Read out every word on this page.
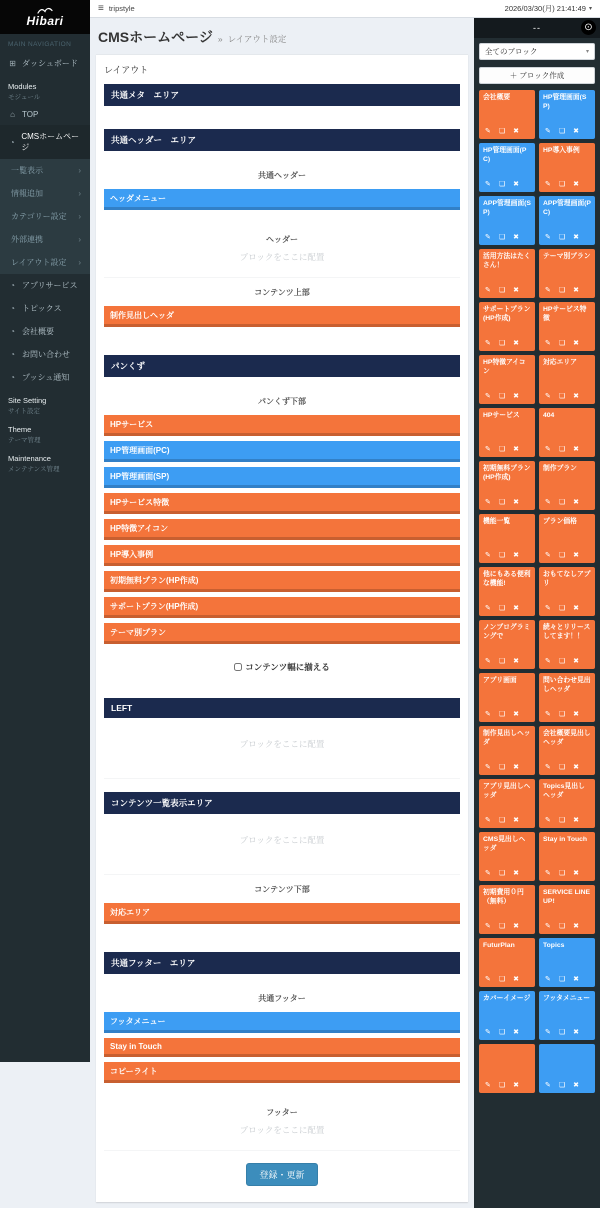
Hibari
MAIN NAVIGATION
⊞ ダッシュボード
Modules
モジュール
⌂ TOP
◔
CMSホームページ
一覧表示	›
情報追加	›
カテゴリー設定 ›
外部連携	›
レイアウト設定 ›
◔ アプリサービス
◔ トピックス
◔ 会社概要
◔ お問い合わせ
◔ プッシュ通知
Site Setting
サイト設定
Theme
テーマ管理
Maintenance
メンテナンス管理
≡ tripstyle	2026/03/30(月) 21:41:49 ▾
CMSホームページ » レイアウト設定
レイアウト
共通メタ　エリア
共通ヘッダー　エリア
共通ヘッダー
ヘッダメニュー
ヘッダー
ブロックをここに配置
コンテンツ上部
制作見出しヘッダ
パンくず
パンくず下部
HPサービス
HP管理画面(PC)
HP管理画面(SP)
HPサービス特徴
HP特徴アイコン
HP導入事例
初期無料プラン(HP作成)
サポートプラン(HP作成)
テーマ別プラン
コンテンツ幅に揃える
LEFT
ブロックをここに配置
コンテンツ一覧表示エリア
ブロックをここに配置
コンテンツ下部
対応エリア
共通フッター　エリア
共通フッター
フッタメニュー
Stay in Touch
コピーライト
フッター
ブロックをここに配置
登録・更新
--	⊙
全てのブロック	▾
＋ ブロック作成
会社概要
✎ ❏ ✖
HP管理画面(SP)
✎ ❏ ✖
HP管理画面(PC)
✎ ❏ ✖
HP導入事例
✎ ❏ ✖
APP管理画面(SP)
✎ ❏ ✖
APP管理画面(PC)
✎ ❏ ✖
活用方法はたくさん！
✎ ❏ ✖
テーマ別プラン
✎ ❏ ✖
サポートプラン(HP作成)
✎ ❏ ✖
HPサービス特徴
✎ ❏ ✖
HP特徴アイコン
✎ ❏ ✖
対応エリア
✎ ❏ ✖
HPサービス
✎ ❏ ✖
404
✎ ❏ ✖
初期無料プラン(HP作成)
✎ ❏ ✖
制作プラン
✎ ❏ ✖
機能一覧
✎ ❏ ✖
プラン価格
✎ ❏ ✖
他にもある便利な機能!
✎ ❏ ✖
おもてなしアプリ
✎ ❏ ✖
ノンプログラミングで
✎ ❏ ✖
続々とリリースしてます！！
✎ ❏ ✖
アプリ画面
✎ ❏ ✖
問い合わせ見出しヘッダ
✎ ❏ ✖
制作見出しヘッダ
✎ ❏ ✖
会社概要見出しヘッダ
✎ ❏ ✖
アプリ見出しヘッダ
✎ ❏ ✖
Topics見出しヘッダ
✎ ❏ ✖
CMS見出しヘッダ
✎ ❏ ✖
Stay in Touch
✎ ❏ ✖
初期費用０円（無料）
✎ ❏ ✖
SERVICE LINEUP!
✎ ❏ ✖
FuturPlan
✎ ❏ ✖
Topics
✎ ❏ ✖
カバーイメージ
✎ ❏ ✖
フッタメニュー
✎ ❏ ✖
✎ ❏ ✖	✎ ❏ ✖
